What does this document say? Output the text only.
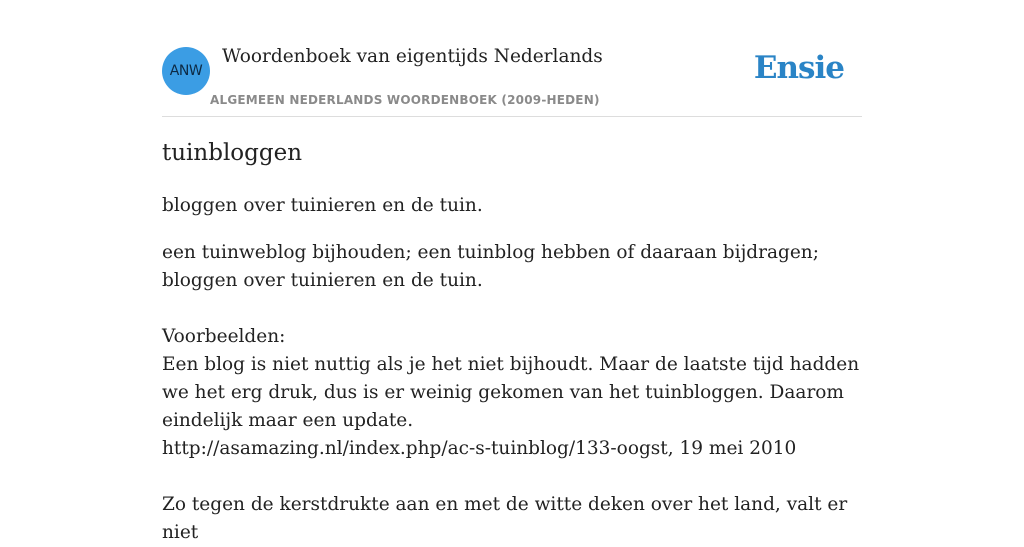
ANW
Woordenboek van eigentijds Nederlands
ALGEMEEN NEDERLANDS WOORDENBOEK (2009-HEDEN)
Ensie
tuinbloggen

bloggen over tuinieren en de tuin.

een tuinweblog bijhouden; een tuinblog hebben of daaraan bijdragen; bloggen over tuinieren en de tuin.

Voorbeelden:

Een blog is niet nuttig als je het niet bijhoudt. Maar de laatste tijd hadden we het erg druk, dus is er weinig gekomen van het tuinbloggen. Daarom eindelijk maar een update.

http://asamazing.nl/index.php/ac-s-tuinblog/133-oogst, 19 mei 2010

Zo tegen de kerstdrukte aan en met de witte deken over het land, valt er niet
